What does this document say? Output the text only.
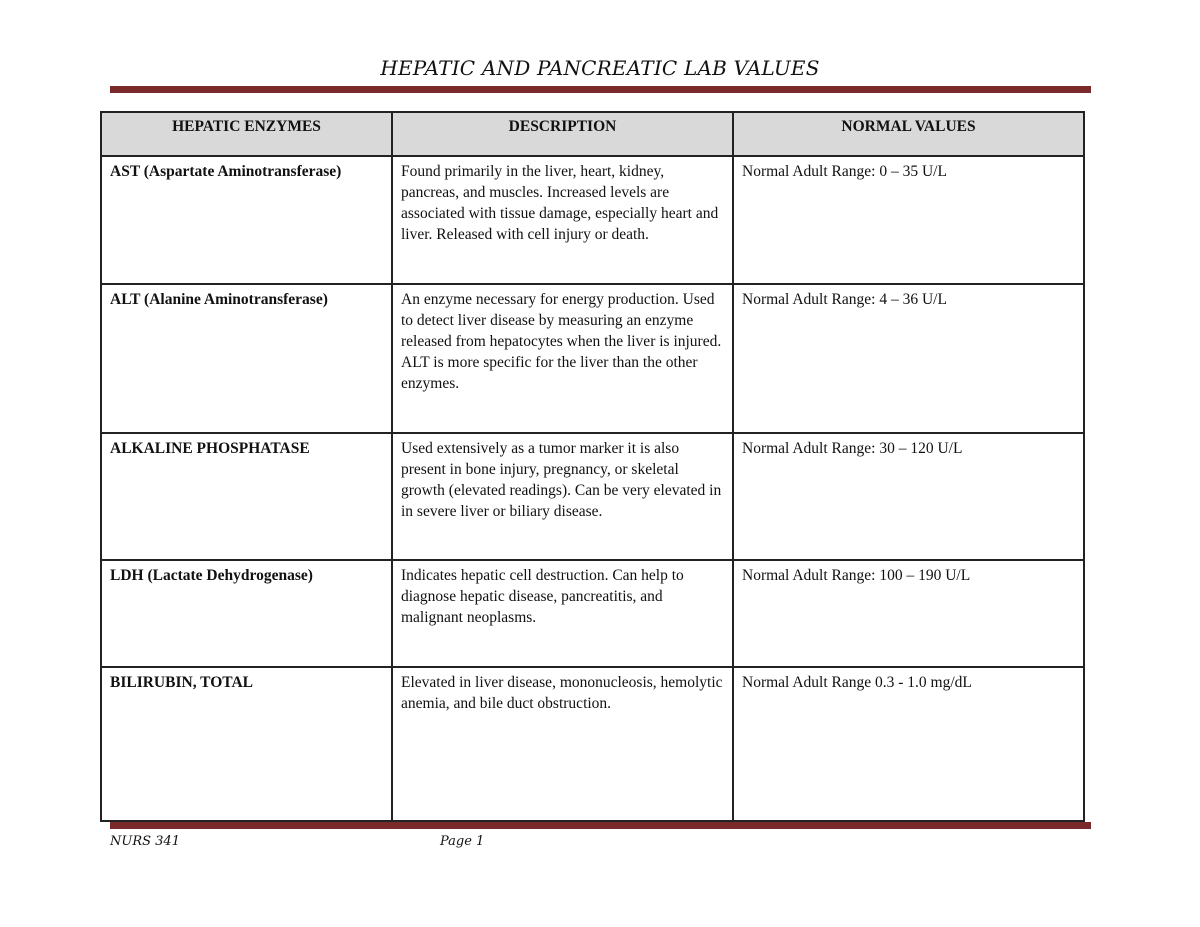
HEPATIC AND PANCREATIC LAB VALUES
HEPATIC ENZYMES	DESCRIPTION	NORMAL VALUES
AST (Aspartate Aminotransferase)	Found primarily in the liver, heart, kidney, pancreas, and muscles. Increased levels are associated with tissue damage, especially heart and liver. Released with cell injury or death.	Normal Adult Range: 0 – 35 U/L
ALT (Alanine Aminotransferase)	An enzyme necessary for energy production. Used to detect liver disease by measuring an enzyme released from hepatocytes when the liver is injured. ALT is more specific for the liver than the other enzymes.	Normal Adult Range: 4 – 36 U/L
ALKALINE PHOSPHATASE	Used extensively as a tumor marker it is also present in bone injury, pregnancy, or skeletal growth (elevated readings). Can be very elevated in in severe liver or biliary disease.	Normal Adult Range: 30 – 120 U/L
LDH (Lactate Dehydrogenase)	Indicates hepatic cell destruction. Can help to diagnose hepatic disease, pancreatitis, and malignant neoplasms.	Normal Adult Range: 100 – 190 U/L
BILIRUBIN, TOTAL	Elevated in liver disease, mononucleosis, hemolytic anemia, and bile duct obstruction.	Normal Adult Range 0.3 - 1.0 mg/dL
NURS 341	Page 1
